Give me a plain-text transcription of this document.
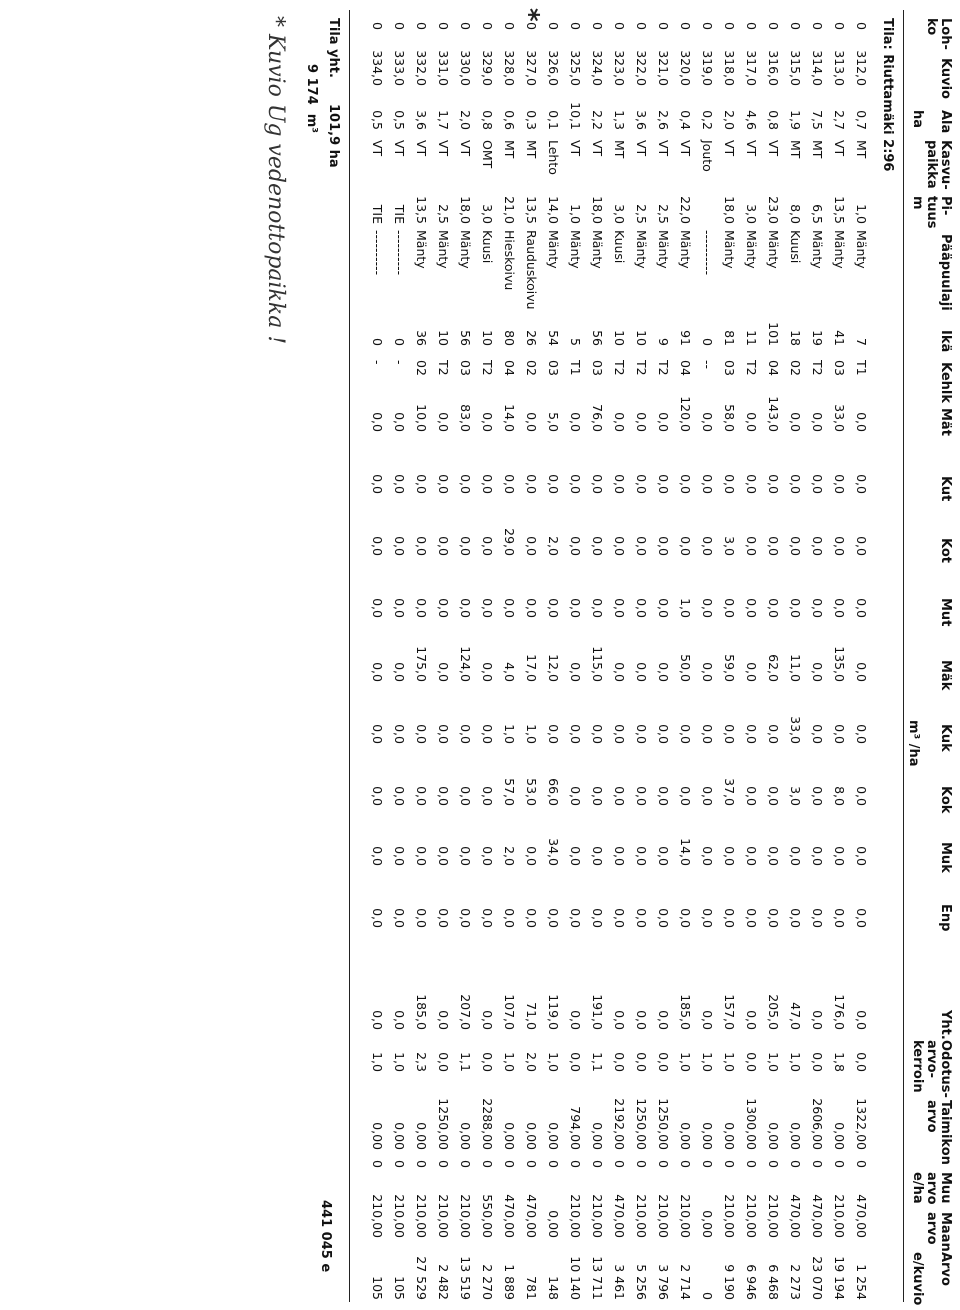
Loh-
ko
Kuvio
Ala

ha
Kasvu-
paikka
Pi-
tuus
m
Pääpuulaji
Ikä
Kehlk
Mät
Kut
Kot
Mut
Mäk
Kuk
Kok
Muk
Enp
m³ /ha
Yht.
Odotus-
arvo-
kerroin
Taimikon
arvo
Muu
arvo
e/ha
Maan
arvo
Arvo

e/kuvio
Tila: Riuttamäki 2:96
0
312,0
0,7
MT
1,0
Mänty
7
T1
0,0
0,0
0,0
0,0
0,0
0,0
0,0
0,0
0,0
0,0
0,0
1322,00
0
470,00
1 254
0
313,0
2,7
VT
13,5
Mänty
41
03
33,0
0,0
0,0
0,0
135,0
0,0
8,0
0,0
0,0
176,0
1,8
0,00
0
210,00
19 194
0
314,0
7,5
MT
6,5
Mänty
19
T2
0,0
0,0
0,0
0,0
0,0
0,0
0,0
0,0
0,0
0,0
0,0
2606,00
0
470,00
23 070
0
315,0
1,9
MT
8,0
Kuusi
18
02
0,0
0,0
0,0
0,0
11,0
33,0
3,0
0,0
0,0
47,0
1,0
0,00
0
470,00
2 273
0
316,0
0,8
VT
23,0
Mänty
101
04
143,0
0,0
0,0
0,0
62,0
0,0
0,0
0,0
0,0
205,0
1,0
0,00
0
210,00
6 468
0
317,0
4,6
VT
3,0
Mänty
11
T2
0,0
0,0
0,0
0,0
0,0
0,0
0,0
0,0
0,0
0,0
0,0
1300,00
0
210,00
6 946
0
318,0
2,0
VT
18,0
Mänty
81
03
58,0
0,0
3,0
0,0
59,0
0,0
37,0
0,0
0,0
157,0
1,0
0,00
0
210,00
9 190
0
319,0
0,2
Jouto
----------
0
--
0,0
0,0
0,0
0,0
0,0
0,0
0,0
0,0
0,0
0,0
1,0
0,00
0
0,00
0
0
320,0
0,4
VT
22,0
Mänty
91
04
120,0
0,0
0,0
1,0
50,0
0,0
0,0
14,0
0,0
185,0
1,0
0,00
0
210,00
2 714
0
321,0
2,6
VT
2,5
Mänty
9
T2
0,0
0,0
0,0
0,0
0,0
0,0
0,0
0,0
0,0
0,0
0,0
1250,00
0
210,00
3 796
0
322,0
3,6
VT
2,5
Mänty
10
T2
0,0
0,0
0,0
0,0
0,0
0,0
0,0
0,0
0,0
0,0
0,0
1250,00
0
210,00
5 256
0
323,0
1,3
MT
3,0
Kuusi
10
T2
0,0
0,0
0,0
0,0
0,0
0,0
0,0
0,0
0,0
0,0
0,0
2192,00
0
470,00
3 461
0
324,0
2,2
VT
18,0
Mänty
56
03
76,0
0,0
0,0
0,0
115,0
0,0
0,0
0,0
0,0
191,0
1,1
0,00
0
210,00
13 711
0
325,0
10,1
VT
1,0
Mänty
5
T1
0,0
0,0
0,0
0,0
0,0
0,0
0,0
0,0
0,0
0,0
0,0
794,00
0
210,00
10 140
0
326,0
0,1
Lehto
14,0
Mänty
54
03
5,0
0,0
2,0
0,0
12,0
0,0
66,0
34,0
0,0
119,0
1,0
0,00
0
0,00
148
0
327,0
0,3
MT
13,5
Rauduskoivu
26
02
0,0
0,0
0,0
0,0
17,0
1,0
53,0
0,0
0,0
71,0
2,0
0,00
0
470,00
781
0
328,0
0,6
MT
21,0
Hieskoivu
80
04
14,0
0,0
29,0
0,0
4,0
1,0
57,0
2,0
0,0
107,0
1,0
0,00
0
470,00
1 889
0
329,0
0,8
OMT
3,0
Kuusi
10
T2
0,0
0,0
0,0
0,0
0,0
0,0
0,0
0,0
0,0
0,0
0,0
2288,00
0
550,00
2 270
0
330,0
2,0
VT
18,0
Mänty
56
03
83,0
0,0
0,0
0,0
124,0
0,0
0,0
0,0
0,0
207,0
1,1
0,00
0
210,00
13 519
0
331,0
1,7
VT
2,5
Mänty
10
T2
0,0
0,0
0,0
0,0
0,0
0,0
0,0
0,0
0,0
0,0
0,0
1250,00
0
210,00
2 482
0
332,0
3,6
VT
13,5
Mänty
36
02
10,0
0,0
0,0
0,0
175,0
0,0
0,0
0,0
0,0
185,0
2,3
0,00
0
210,00
27 529
0
333,0
0,5
VT
TIE
----------
0
-
0,0
0,0
0,0
0,0
0,0
0,0
0,0
0,0
0,0
0,0
1,0
0,00
0
210,00
105
0
334,0
0,5
VT
TIE
----------
0
-
0,0
0,0
0,0
0,0
0,0
0,0
0,0
0,0
0,0
0,0
1,0
0,00
0
210,00
105
Tila yht.
101,9 ha
9 174  m³
441 045 e
*
* Kuvio Ug vedenottopaikka !
